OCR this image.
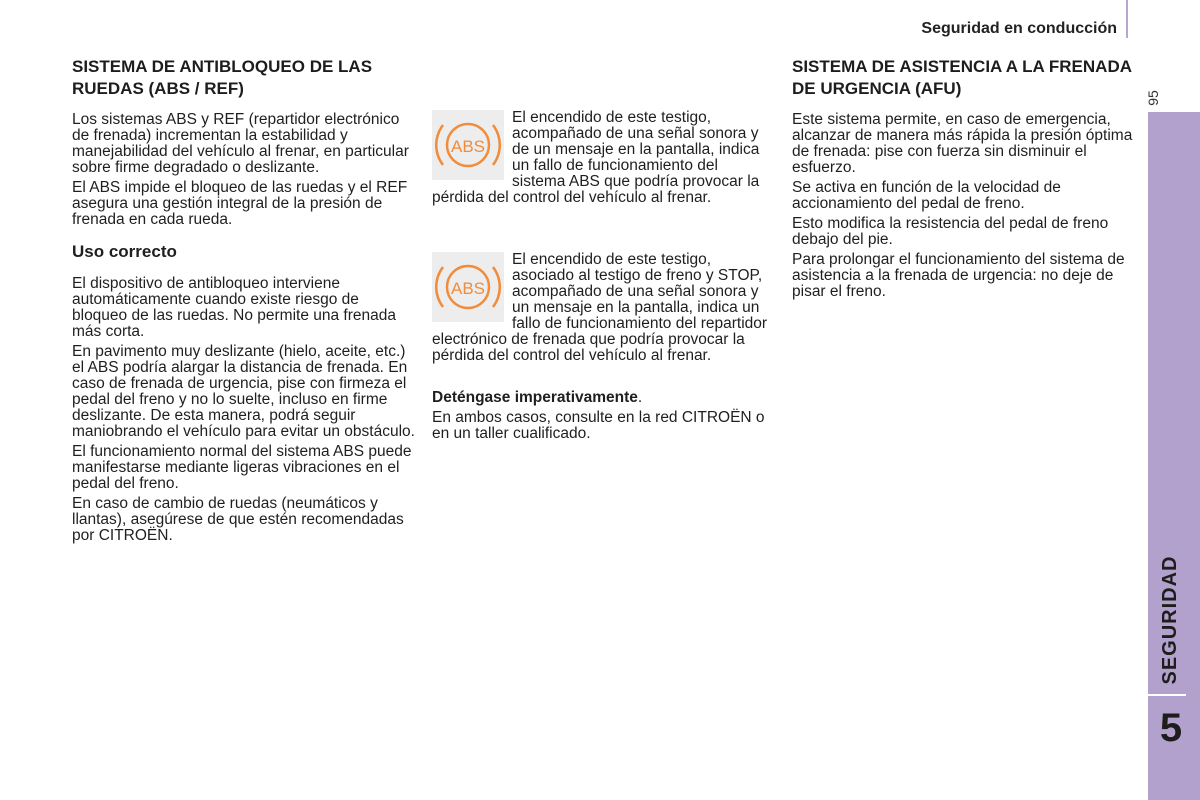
Seguridad en conducción
95
SEGURIDAD
5
SISTEMA DE ANTIBLOQUEO DE LAS RUEDAS (ABS / REF)

Los sistemas ABS y REF (repartidor electrónico de frenada) incrementan la estabilidad y manejabilidad del vehículo al frenar, en particular sobre firme degradado o deslizante.

El ABS impide el bloqueo de las ruedas y el REF asegura una gestión integral de la presión de frenada en cada rueda.

Uso correcto

El dispositivo de antibloqueo interviene automáticamente cuando existe riesgo de bloqueo de las ruedas. No permite una frenada más corta.

En pavimento muy deslizante (hielo, aceite, etc.) el ABS podría alargar la distancia de frenada. En caso de frenada de urgencia, pise con firmeza el pedal del freno y no lo suelte, incluso en firme deslizante. De esta manera, podrá seguir maniobrando el vehículo para evitar un obstáculo.

El funcionamiento normal del sistema ABS puede manifestarse mediante ligeras vibraciones en el pedal del freno.

En caso de cambio de ruedas (neumáticos y llantas), asegúrese de que estén recomendadas por CITROËN.

ABS
El encendido de este testigo, acompañado de una señal sonora y de un mensaje en la pantalla, indica un fallo de funcionamiento del sistema ABS que podría provocar la pérdida del control del vehículo al frenar.
ABS
El encendido de este testigo, asociado al testigo de freno y STOP, acompañado de una señal sonora y un mensaje en la pantalla, indica un fallo de funcionamiento del repartidor electrónico de frenada que podría provocar la pérdida del control del vehículo al frenar.

Deténgase imperativamente.

En ambos casos, consulte en la red CITROËN o en un taller cualificado.

SISTEMA DE ASISTENCIA A LA FRENADA DE URGENCIA (AFU)

Este sistema permite, en caso de emergencia, alcanzar de manera más rápida la presión óptima de frenada: pise con fuerza sin disminuir el esfuerzo.

Se activa en función de la velocidad de accionamiento del pedal de freno.

Esto modifica la resistencia del pedal de freno debajo del pie.

Para prolongar el funcionamiento del sistema de asistencia a la frenada de urgencia: no deje de pisar el freno.
